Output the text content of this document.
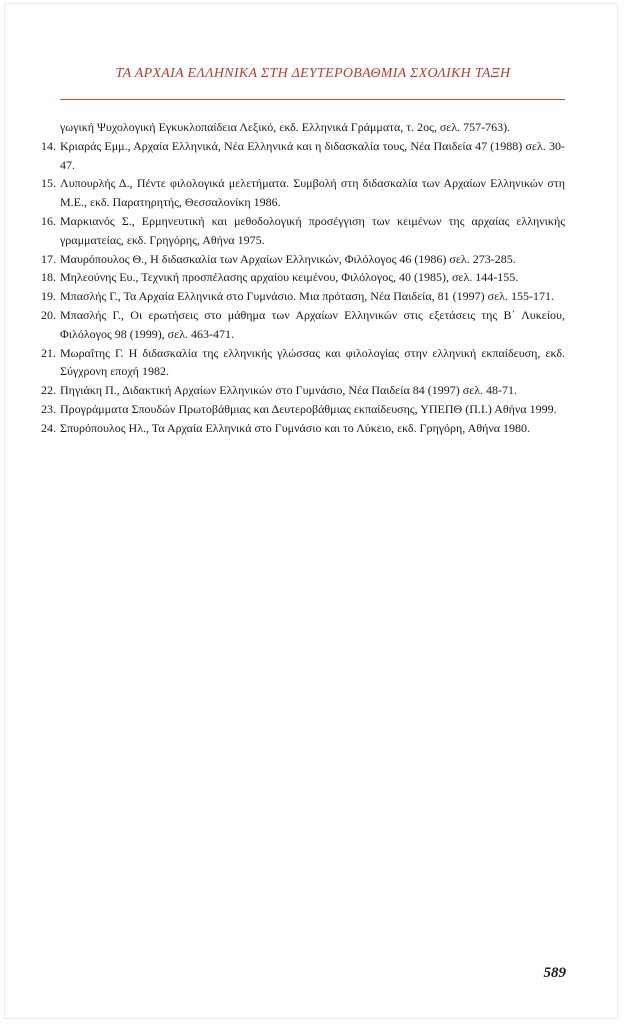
ΤΑ ΑΡΧΑΙΑ ΕΛΛΗΝΙΚΑ ΣΤΗ ΔΕΥΤΕΡΟΒΑΘΜΙΑ ΣΧΟΛΙΚΗ ΤΑΞΗ
γωγική Ψυχολογική Εγκυκλοπαίδεια Λεξικό, εκδ. Ελληνικά Γράμματα, τ. 2ος, σελ. 757-763).
14. Κριαράς Εμμ., Αρχαία Ελληνικά, Νέα Ελληνικά και η διδασκαλία τους, Νέα Παιδεία 47 (1988) σελ. 30-47.
15. Λυπουρλής Δ., Πέντε φιλολογικά μελετήματα. Συμβολή στη διδασκαλία των Αρχαίων Ελληνικών στη Μ.Ε., εκδ. Παρατηρητής, Θεσσαλονίκη 1986.
16. Μαρκιανός Σ., Ερμηνευτική και μεθοδολογική προσέγγιση των κειμένων της αρχαίας ελληνικής γραμματείας, εκδ. Γρηγόρης, Αθήνα 1975.
17. Μαυρόπουλος Θ., Η διδασκαλία των Αρχαίων Ελληνικών, Φιλόλογος 46 (1986) σελ. 273-285.
18. Μηλεούνης Ευ., Τεχνική προσπέλασης αρχαίου κειμένου, Φιλόλογος, 40 (1985), σελ. 144-155.
19. Μπασλής Γ., Τα Αρχαία Ελληνικά στο Γυμνάσιο. Μια πρόταση, Νέα Παιδεία, 81 (1997) σελ. 155-171.
20. Μπασλής Γ., Οι ερωτήσεις στο μάθημα των Αρχαίων Ελληνικών στις εξετάσεις της Β΄ Λυκείου, Φιλόλογος 98 (1999), σελ. 463-471.
21. Μωραΐτης Γ. Η διδασκαλία της ελληνικής γλώσσας και φιλολογίας στην ελληνική εκπαίδευση, εκδ. Σύγχρονη εποχή 1982.
22. Πηγιάκη Π., Διδακτική Αρχαίων Ελληνικών στο Γυμνάσιο, Νέα Παιδεία 84 (1997) σελ. 48-71.
23. Προγράμματα Σπουδών Πρωτοβάθμιας και Δευτεροβάθμιας εκπαίδευσης, ΥΠΕΠΘ (Π.Ι.) Αθήνα 1999.
24. Σπυρόπουλος Ηλ., Τα Αρχαία Ελληνικά στο Γυμνάσιο και το Λύκειο, εκδ. Γρηγόρη, Αθήνα 1980.
589
